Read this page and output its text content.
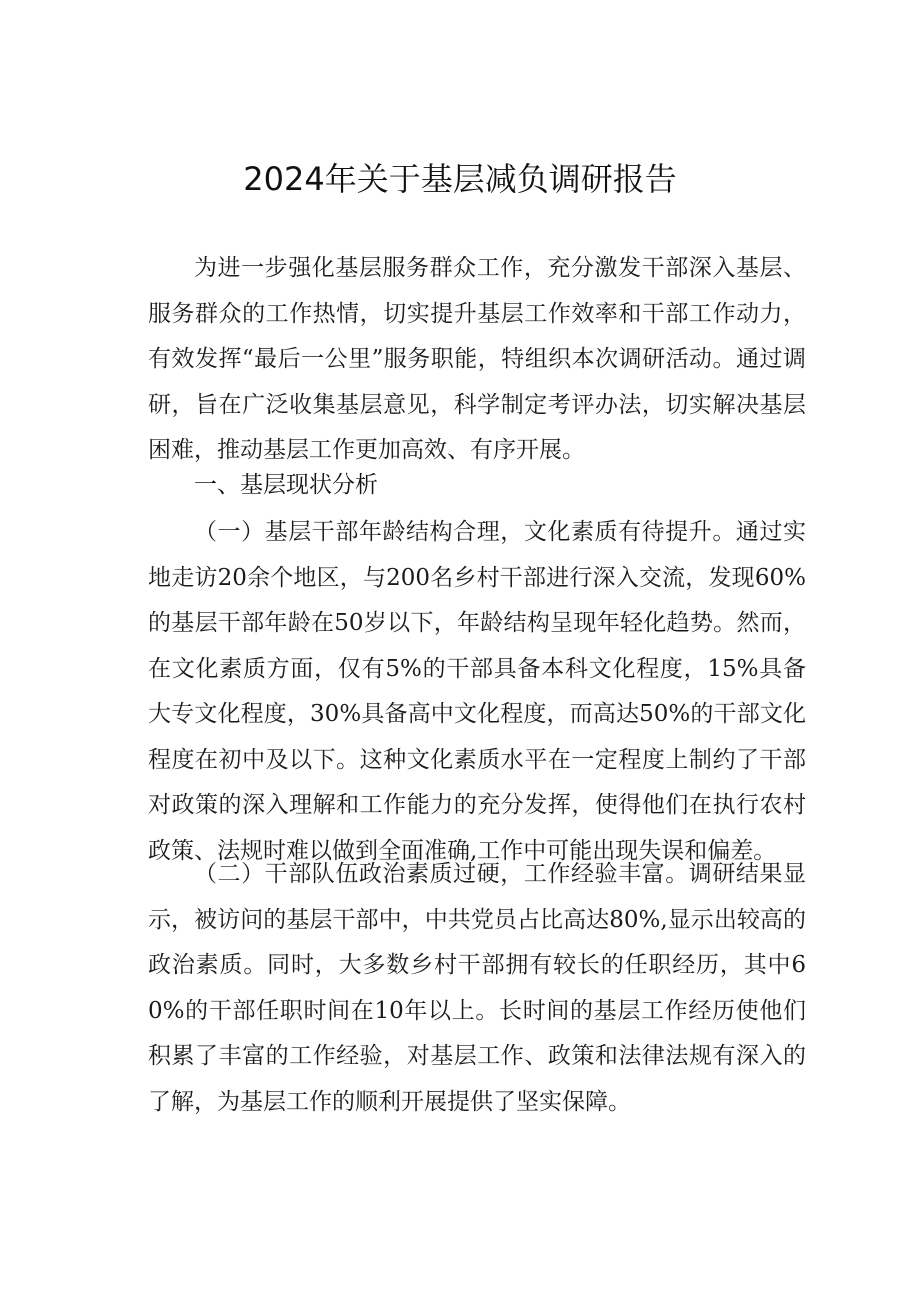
2024年关于基层减负调研报告

为进一步强化基层服务群众工作，充分激发干部深入基层、服务群众的工作热情，切实提升基层工作效率和干部工作动力，有效发挥“最后一公里”服务职能，特组织本次调研活动。通过调研，旨在广泛收集基层意见，科学制定考评办法，切实解决基层困难，推动基层工作更加高效、有序开展。

一、基层现状分析

（一）基层干部年龄结构合理，文化素质有待提升。通过实地走访20余个地区，与200名乡村干部进行深入交流，发现60%的基层干部年龄在50岁以下，年龄结构呈现年轻化趋势。然而，在文化素质方面，仅有5%的干部具备本科文化程度，15%具备大专文化程度，30%具备高中文化程度，而高达50%的干部文化程度在初中及以下。这种文化素质水平在一定程度上制约了干部对政策的深入理解和工作能力的充分发挥，使得他们在执行农村政策、法规时难以做到全面准确,工作中可能出现失误和偏差。

（二）干部队伍政治素质过硬，工作经验丰富。调研结果显示，被访问的基层干部中，中共党员占比高达80%,显示出较高的政治素质。同时，大多数乡村干部拥有较长的任职经历，其中60%的干部任职时间在10年以上。长时间的基层工作经历使他们积累了丰富的工作经验，对基层工作、政策和法律法规有深入的了解，为基层工作的顺利开展提供了坚实保障。
